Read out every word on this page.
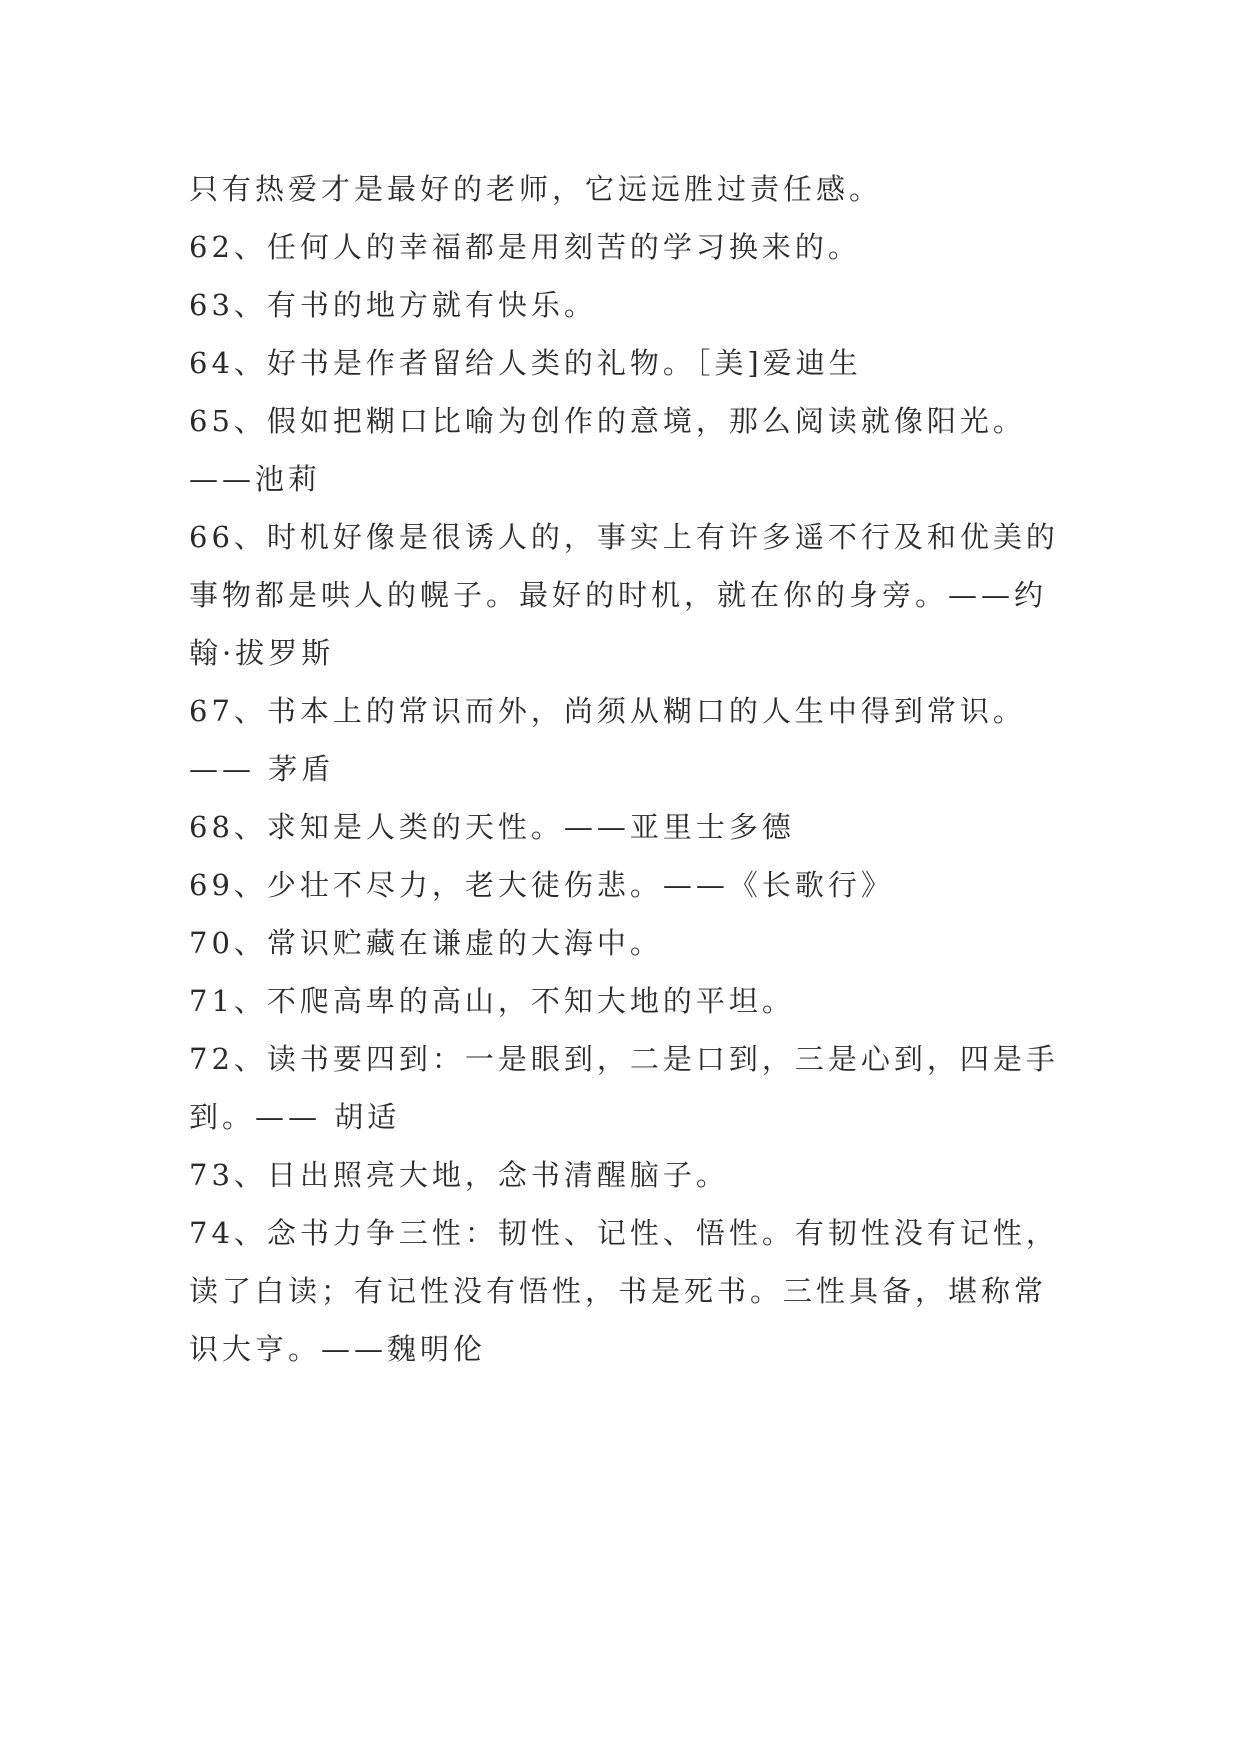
只有热爱才是最好的老师，它远远胜过责任感。
62、任何人的幸福都是用刻苦的学习换来的。
63、有书的地方就有快乐。
64、好书是作者留给人类的礼物。［美]爱迪生
65、假如把糊口比喻为创作的意境，那么阅读就像阳光。
——池莉
66、时机好像是很诱人的，事实上有许多遥不行及和优美的
事物都是哄人的幌子。最好的时机，就在你的身旁。——约
翰·拔罗斯
67、书本上的常识而外，尚须从糊口的人生中得到常识。
—— 茅盾
68、求知是人类的天性。——亚里士多德
69、少壮不尽力，老大徒伤悲。——《长歌行》
70、常识贮藏在谦虚的大海中。
71、不爬高卑的高山，不知大地的平坦。
72、读书要四到：一是眼到，二是口到，三是心到，四是手
到。—— 胡适
73、日出照亮大地，念书清醒脑子。
74、念书力争三性：韧性、记性、悟性。有韧性没有记性，
读了白读；有记性没有悟性，书是死书。三性具备，堪称常
识大亨。——魏明伦
